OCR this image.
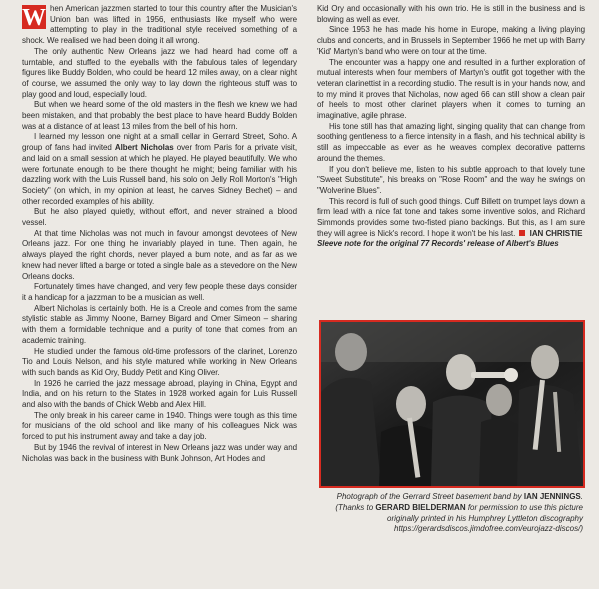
W hen American jazzmen started to tour this country after the Musician's Union ban was lifted in 1956, enthusiasts like myself who were attempting to play in the traditional style received something of a shock. We realised we had been doing it all wrong.

The only authentic New Orleans jazz we had heard had come off a turntable, and stuffed to the eyeballs with the fabulous tales of legendary figures like Buddy Bolden, who could be heard 12 miles away, on a clear night of course, we assumed the only way to lay down the righteous stuff was to play good and loud, especially loud.

But when we heard some of the old masters in the flesh we knew we had been mistaken, and that probably the best place to have heard Buddy Bolden was at a distance of at least 13 miles from the bell of his horn.

I learned my lesson one night at a small cellar in Gerrard Street, Soho. A group of fans had invited Albert Nicholas over from Paris for a private visit, and laid on a small session at which he played. He played beautifully. We who were fortunate enough to be there thought he might; being familiar with his dazzling work with the Luis Russell band, his solo on Jelly Roll Morton's "High Society" (on which, in my opinion at least, he carves Sidney Bechet) – and other recorded examples of his ability.

But he also played quietly, without effort, and never strained a blood vessel.

At that time Nicholas was not much in favour amongst devotees of New Orleans jazz. For one thing he invariably played in tune. Then again, he always played the right chords, never played a bum note, and as far as we knew had never lifted a barge or toted a single bale as a stevedore on the New Orleans docks.

Fortunately times have changed, and very few people these days consider it a handicap for a jazzman to be a musician as well.

Albert Nicholas is certainly both. He is a Creole and comes from the same stylistic stable as Jimmy Noone, Barney Bigard and Omer Simeon – sharing with them a formidable technique and a purity of tone that comes from an academic training.

He studied under the famous old-time professors of the clarinet, Lorenzo Tio and Louis Nelson, and his style matured while working in New Orleans with such bands as Kid Ory, Buddy Petit and King Oliver.

In 1926 he carried the jazz message abroad, playing in China, Egypt and India, and on his return to the States in 1928 worked again for Luis Russell and also with the bands of Chick Webb and Alex Hill.

The only break in his career came in 1940. Things were tough as this time for musicians of the old school and like many of his colleagues Nick was forced to put his instrument away and take a day job.

But by 1946 the revival of interest in New Orleans jazz was under way and Nicholas was back in the business with Bunk Johnson, Art Hodes and

Kid Ory and occasionally with his own trio. He is still in the business and is blowing as well as ever.

Since 1953 he has made his home in Europe, making a living playing clubs and concerts, and in Brussels in September 1966 he met up with Barry 'Kid' Martyn's band who were on tour at the time.

The encounter was a happy one and resulted in a further exploration of mutual interests when four members of Martyn's outfit got together with the veteran clarinettist in a recording studio. The result is in your hands now, and to my mind it proves that Nicholas, now aged 66 can still show a clean pair of heels to most other clarinet players when it comes to turning an imaginative, agile phrase.

His tone still has that amazing light, singing quality that can change from soothing gentleness to a fierce intensity in a flash, and his technical ability is still as impeccable as ever as he weaves complex decorative patterns around the themes.

If you don't believe me, listen to his subtle approach to that lovely tune "Sweet Substitute", his breaks on "Rose Room" and the way he swings on "Wolverine Blues".

This record is full of such good things. Cuff Billett on trumpet lays down a firm lead with a nice fat tone and takes some inventive solos, and Richard Simmonds provides some two-fisted piano backings. But this, as I am sure they will agree is Nick's record. I hope it won't be his last. IAN CHRISTIE

Sleeve note for the original 77 Records' release of Albert's Blues

Photograph of the Gerrard Street basement band by IAN JENNINGS.
(Thanks to GERARD BIELDERMAN for permission to use this picture originally printed in his Humphrey Lyttleton discography
https://gerardsdiscos.jimdofree.com/eurojazz-discos/)
